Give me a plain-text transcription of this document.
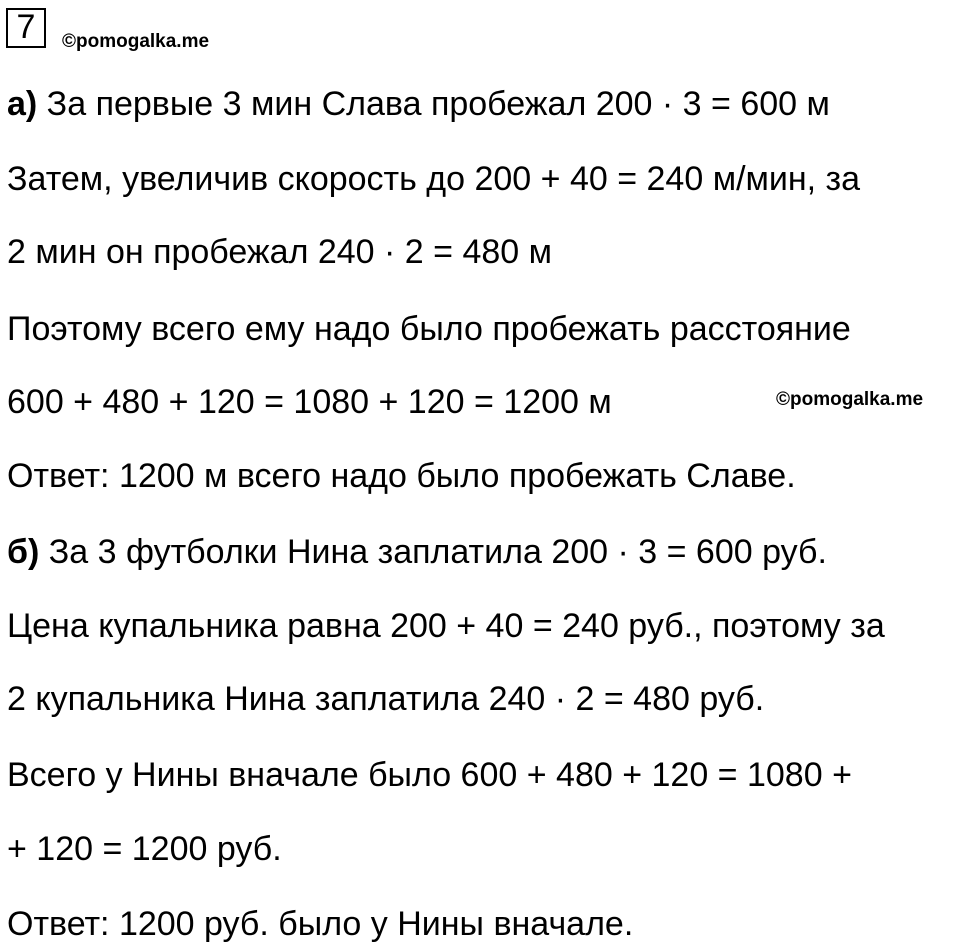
7	©pomogalka.me
а) За первые 3 мин Слава пробежал 200 · 3 = 600 м
Затем, увеличив скорость до 200 + 40 = 240 м/мин, за
2 мин он пробежал 240 · 2 = 480 м
Поэтому всего ему надо было пробежать расстояние
600 + 480 + 120 = 1080 + 120 = 1200 м	©pomogalka.me
Ответ: 1200 м всего надо было пробежать Славе.
б) За 3 футболки Нина заплатила 200 · 3 = 600 руб.
Цена купальника равна 200 + 40 = 240 руб., поэтому за
2 купальника Нина заплатила 240 · 2 = 480 руб.
Всего у Нины вначале было 600 + 480 + 120 = 1080 +
+ 120 = 1200 руб.
Ответ: 1200 руб. было у Нины вначале.
